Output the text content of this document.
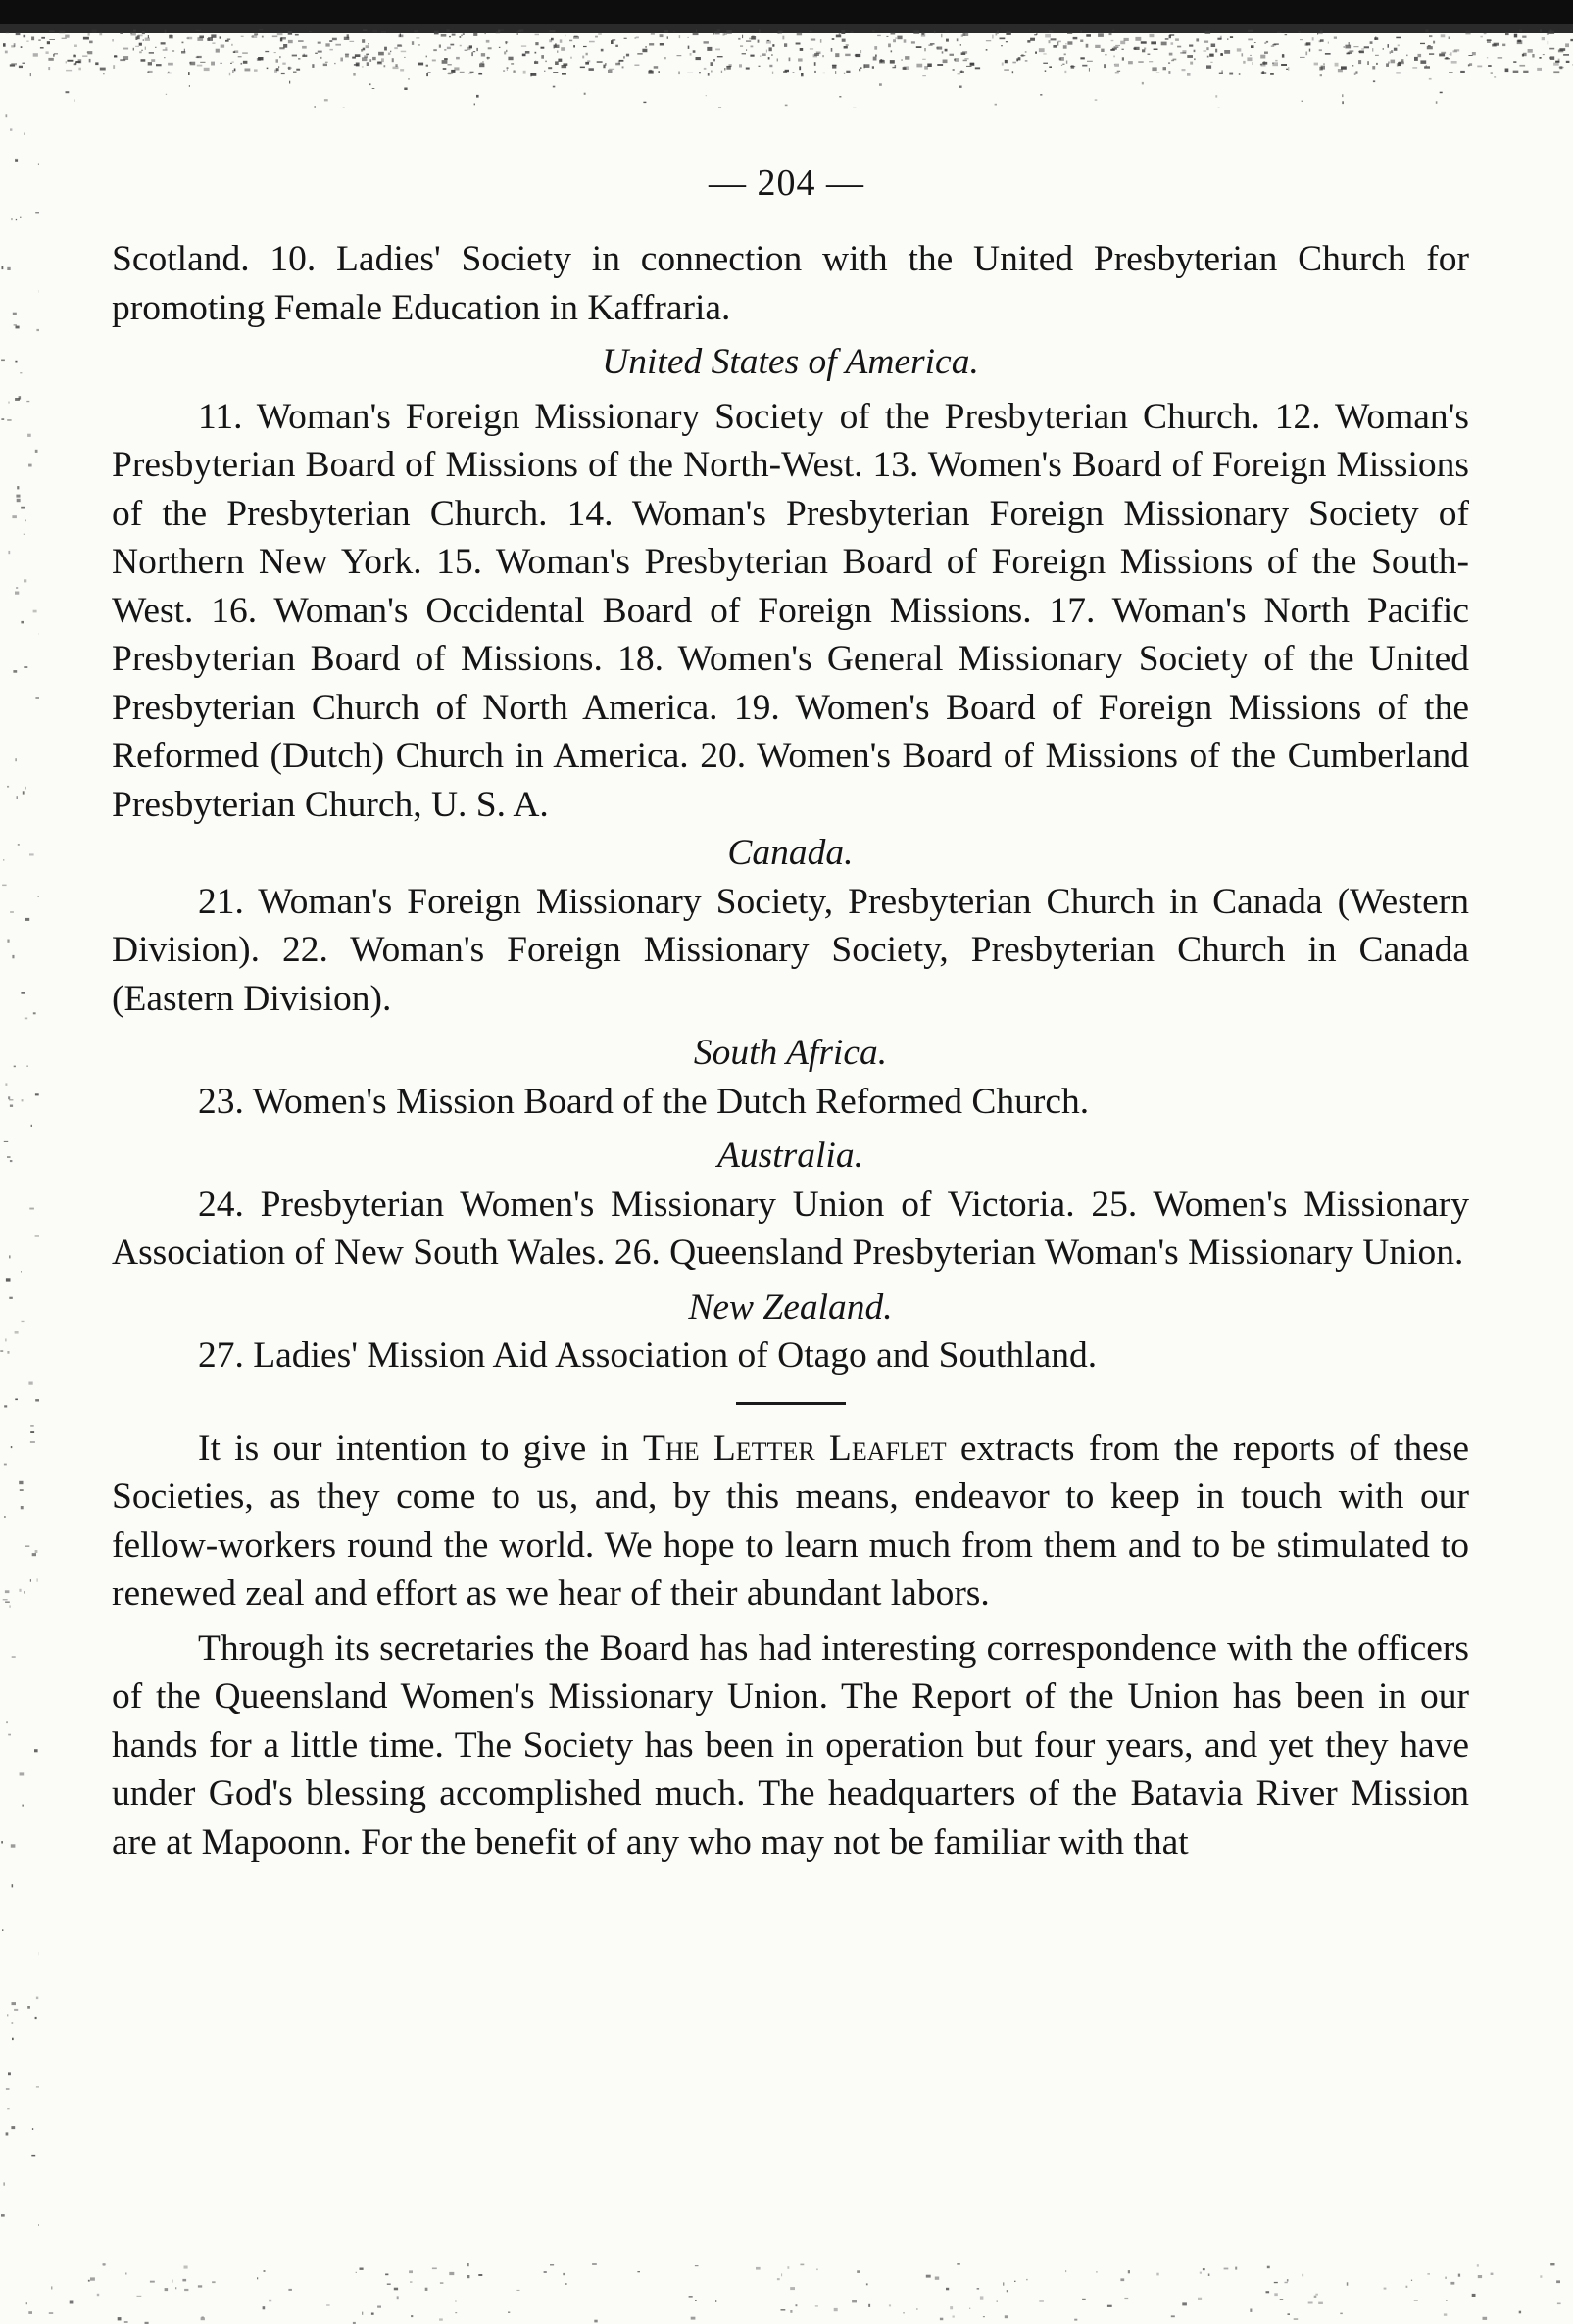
— 204 —

Scotland. 10. Ladies' Society in connection with the United Presbyterian Church for promoting Female Education in Kaffraria.

United States of America.

11. Woman's Foreign Missionary Society of the Presbyterian Church. 12. Woman's Presbyterian Board of Missions of the North-West. 13. Women's Board of Foreign Missions of the Presbyterian Church. 14. Woman's Presbyterian Foreign Missionary Society of Northern New York. 15. Woman's Presbyterian Board of Foreign Missions of the South-West. 16. Woman's Occidental Board of Foreign Missions. 17. Woman's North Pacific Presbyterian Board of Missions. 18. Women's General Missionary Society of the United Presbyterian Church of North America. 19. Women's Board of Foreign Missions of the Reformed (Dutch) Church in America. 20. Women's Board of Missions of the Cumberland Presbyterian Church, U. S. A.

Canada.

21. Woman's Foreign Missionary Society, Presbyterian Church in Canada (Western Division). 22. Woman's Foreign Missionary Society, Presbyterian Church in Canada (Eastern Division).

South Africa.

23. Women's Mission Board of the Dutch Reformed Church.

Australia.

24. Presbyterian Women's Missionary Union of Victoria. 25. Women's Missionary Association of New South Wales. 26. Queensland Presbyterian Woman's Missionary Union.

New Zealand.

27. Ladies' Mission Aid Association of Otago and Southland.

It is our intention to give in The Letter Leaflet extracts from the reports of these Societies, as they come to us, and, by this means, endeavor to keep in touch with our fellow-workers round the world. We hope to learn much from them and to be stimulated to renewed zeal and effort as we hear of their abundant labors.

Through its secretaries the Board has had interesting correspondence with the officers of the Queensland Women's Missionary Union. The Report of the Union has been in our hands for a little time. The Society has been in operation but four years, and yet they have under God's blessing accomplished much. The headquarters of the Batavia River Mission are at Mapoonn. For the benefit of any who may not be familiar with that
